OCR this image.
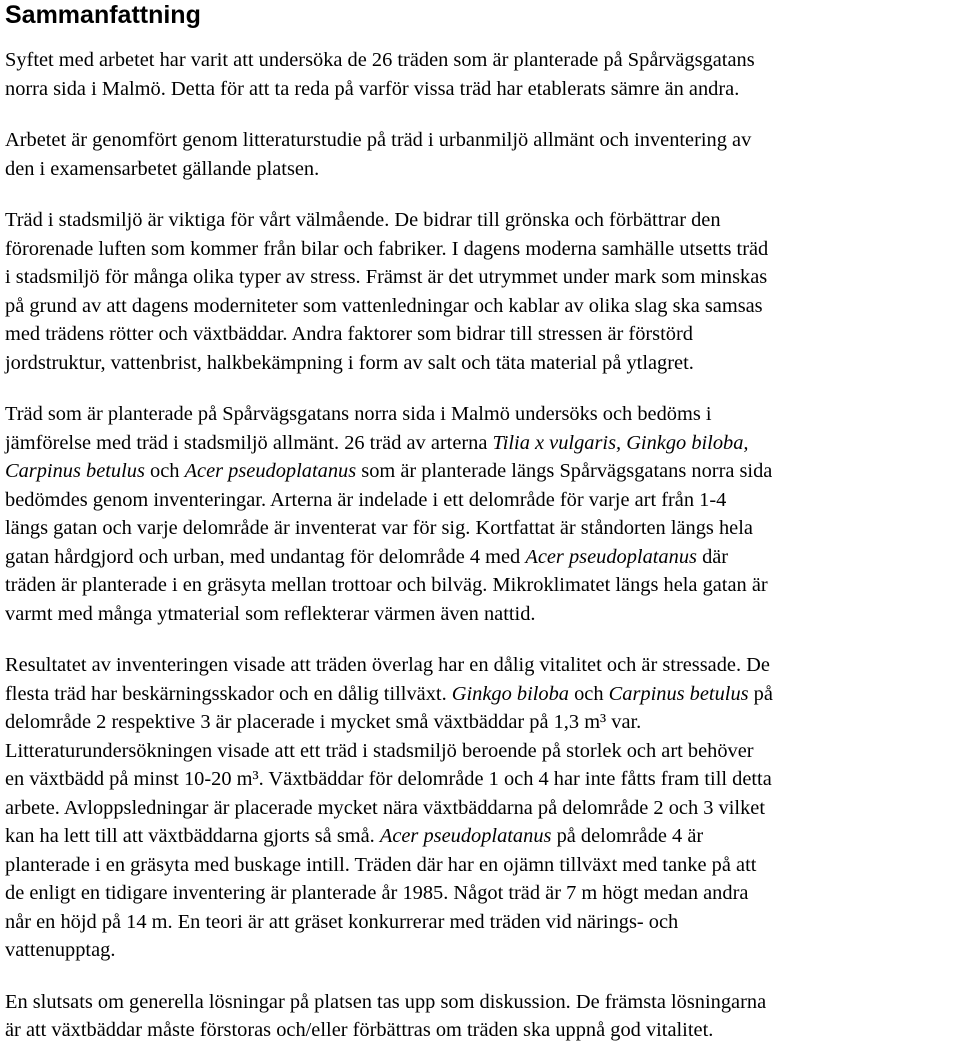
Sammanfattning

Syftet med arbetet har varit att undersöka de 26 träden som är planterade på Spårvägsgatans
norra sida i Malmö. Detta för att ta reda på varför vissa träd har etablerats sämre än andra.

Arbetet är genomfört genom litteraturstudie på träd i urbanmiljö allmänt och inventering av
den i examensarbetet gällande platsen.

Träd i stadsmiljö är viktiga för vårt välmående. De bidrar till grönska och förbättrar den
förorenade luften som kommer från bilar och fabriker. I dagens moderna samhälle utsetts träd
i stadsmiljö för många olika typer av stress. Främst är det utrymmet under mark som minskas
på grund av att dagens moderniteter som vattenledningar och kablar av olika slag ska samsas
med trädens rötter och växtbäddar. Andra faktorer som bidrar till stressen är förstörd
jordstruktur, vattenbrist, halkbekämpning i form av salt och täta material på ytlagret.

Träd som är planterade på Spårvägsgatans norra sida i Malmö undersöks och bedöms i
jämförelse med träd i stadsmiljö allmänt. 26 träd av arterna Tilia x vulgaris, Ginkgo biloba,
Carpinus betulus och Acer pseudoplatanus som är planterade längs Spårvägsgatans norra sida
bedömdes genom inventeringar. Arterna är indelade i ett delområde för varje art från 1-4
längs gatan och varje delområde är inventerat var för sig. Kortfattat är ståndorten längs hela
gatan hårdgjord och urban, med undantag för delområde 4 med Acer pseudoplatanus där
träden är planterade i en gräsyta mellan trottoar och bilväg. Mikroklimatet längs hela gatan är
varmt med många ytmaterial som reflekterar värmen även nattid.

Resultatet av inventeringen visade att träden överlag har en dålig vitalitet och är stressade. De
flesta träd har beskärningsskador och en dålig tillväxt. Ginkgo biloba och Carpinus betulus på
delområde 2 respektive 3 är placerade i mycket små växtbäddar på 1,3 m³ var.
Litteraturundersökningen visade att ett träd i stadsmiljö beroende på storlek och art behöver
en växtbädd på minst 10-20 m³. Växtbäddar för delområde 1 och 4 har inte fåtts fram till detta
arbete. Avloppsledningar är placerade mycket nära växtbäddarna på delområde 2 och 3 vilket
kan ha lett till att växtbäddarna gjorts så små. Acer pseudoplatanus på delområde 4 är
planterade i en gräsyta med buskage intill. Träden där har en ojämn tillväxt med tanke på att
de enligt en tidigare inventering är planterade år 1985. Något träd är 7 m högt medan andra
når en höjd på 14 m. En teori är att gräset konkurrerar med träden vid närings- och
vattenupptag.

En slutsats om generella lösningar på platsen tas upp som diskussion. De främsta lösningarna
är att växtbäddar måste förstoras och/eller förbättras om träden ska uppnå god vitalitet.
